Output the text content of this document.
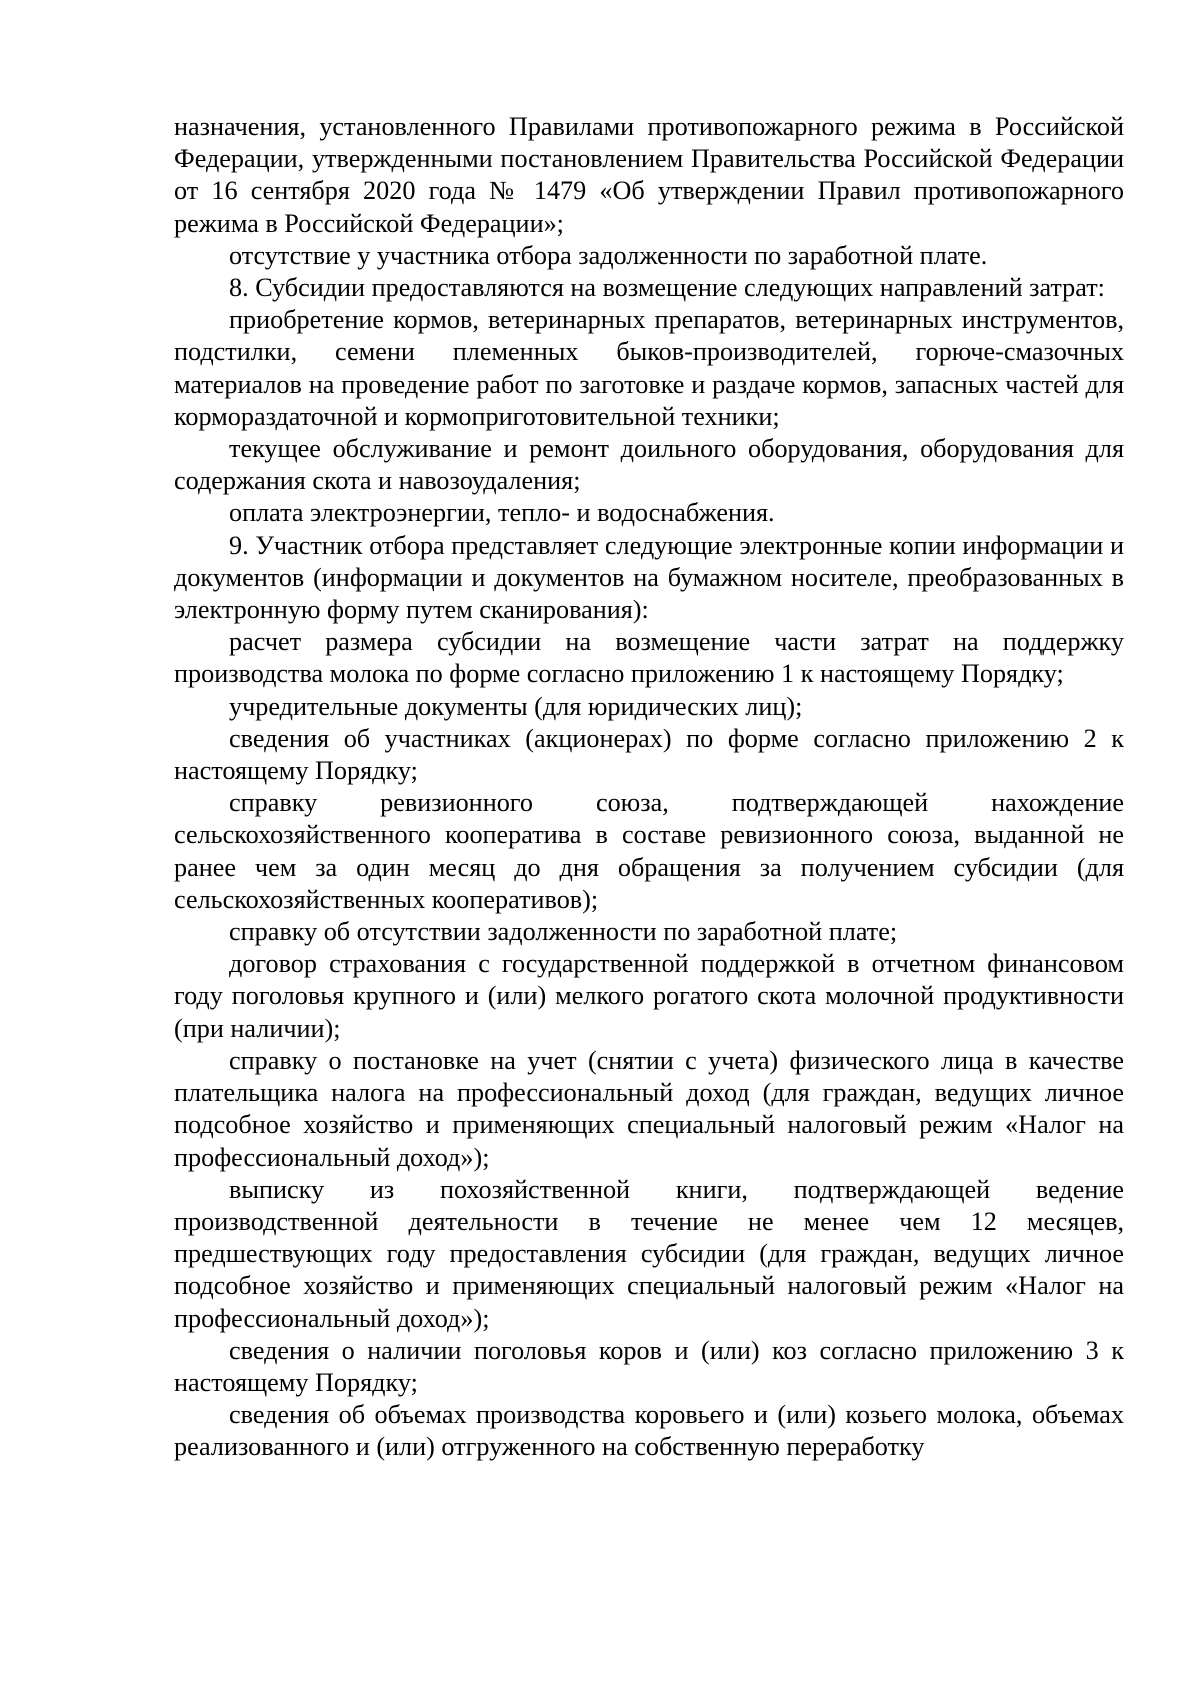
назначения, установленного Правилами противопожарного режима в Российской Федерации, утвержденными постановлением Правительства Российской Федерации от 16 сентября 2020 года № 1479 «Об утверждении Правил противопожарного режима в Российской Федерации»;

отсутствие у участника отбора задолженности по заработной плате.

8. Субсидии предоставляются на возмещение следующих направлений затрат:

приобретение кормов, ветеринарных препаратов, ветеринарных инструментов, подстилки, семени племенных быков-производителей, горюче-смазочных материалов на проведение работ по заготовке и раздаче кормов, запасных частей для кормораздаточной и кормоприготовительной техники;

текущее обслуживание и ремонт доильного оборудования, оборудования для содержания скота и навозоудаления;

оплата электроэнергии, тепло- и водоснабжения.

9. Участник отбора представляет следующие электронные копии информации и документов (информации и документов на бумажном носителе, преобразованных в электронную форму путем сканирования):

расчет размера субсидии на возмещение части затрат на поддержку производства молока по форме согласно приложению 1 к настоящему Порядку;

учредительные документы (для юридических лиц);

сведения об участниках (акционерах) по форме согласно приложению 2 к настоящему Порядку;

справку ревизионного союза, подтверждающей нахождение сельскохозяйственного кооператива в составе ревизионного союза, выданной не ранее чем за один месяц до дня обращения за получением субсидии (для сельскохозяйственных кооперативов);

справку об отсутствии задолженности по заработной плате;

договор страхования с государственной поддержкой в отчетном финансовом году поголовья крупного и (или) мелкого рогатого скота молочной продуктивности (при наличии);

справку о постановке на учет (снятии с учета) физического лица в качестве плательщика налога на профессиональный доход (для граждан, ведущих личное подсобное хозяйство и применяющих специальный налоговый режим «Налог на профессиональный доход»);

выписку из похозяйственной книги, подтверждающей ведение производственной деятельности в течение не менее чем 12 месяцев, предшествующих году предоставления субсидии (для граждан, ведущих личное подсобное хозяйство и применяющих специальный налоговый режим «Налог на профессиональный доход»);

сведения о наличии поголовья коров и (или) коз согласно приложению 3 к настоящему Порядку;

сведения об объемах производства коровьего и (или) козьего молока, объемах реализованного и (или) отгруженного на собственную переработку
